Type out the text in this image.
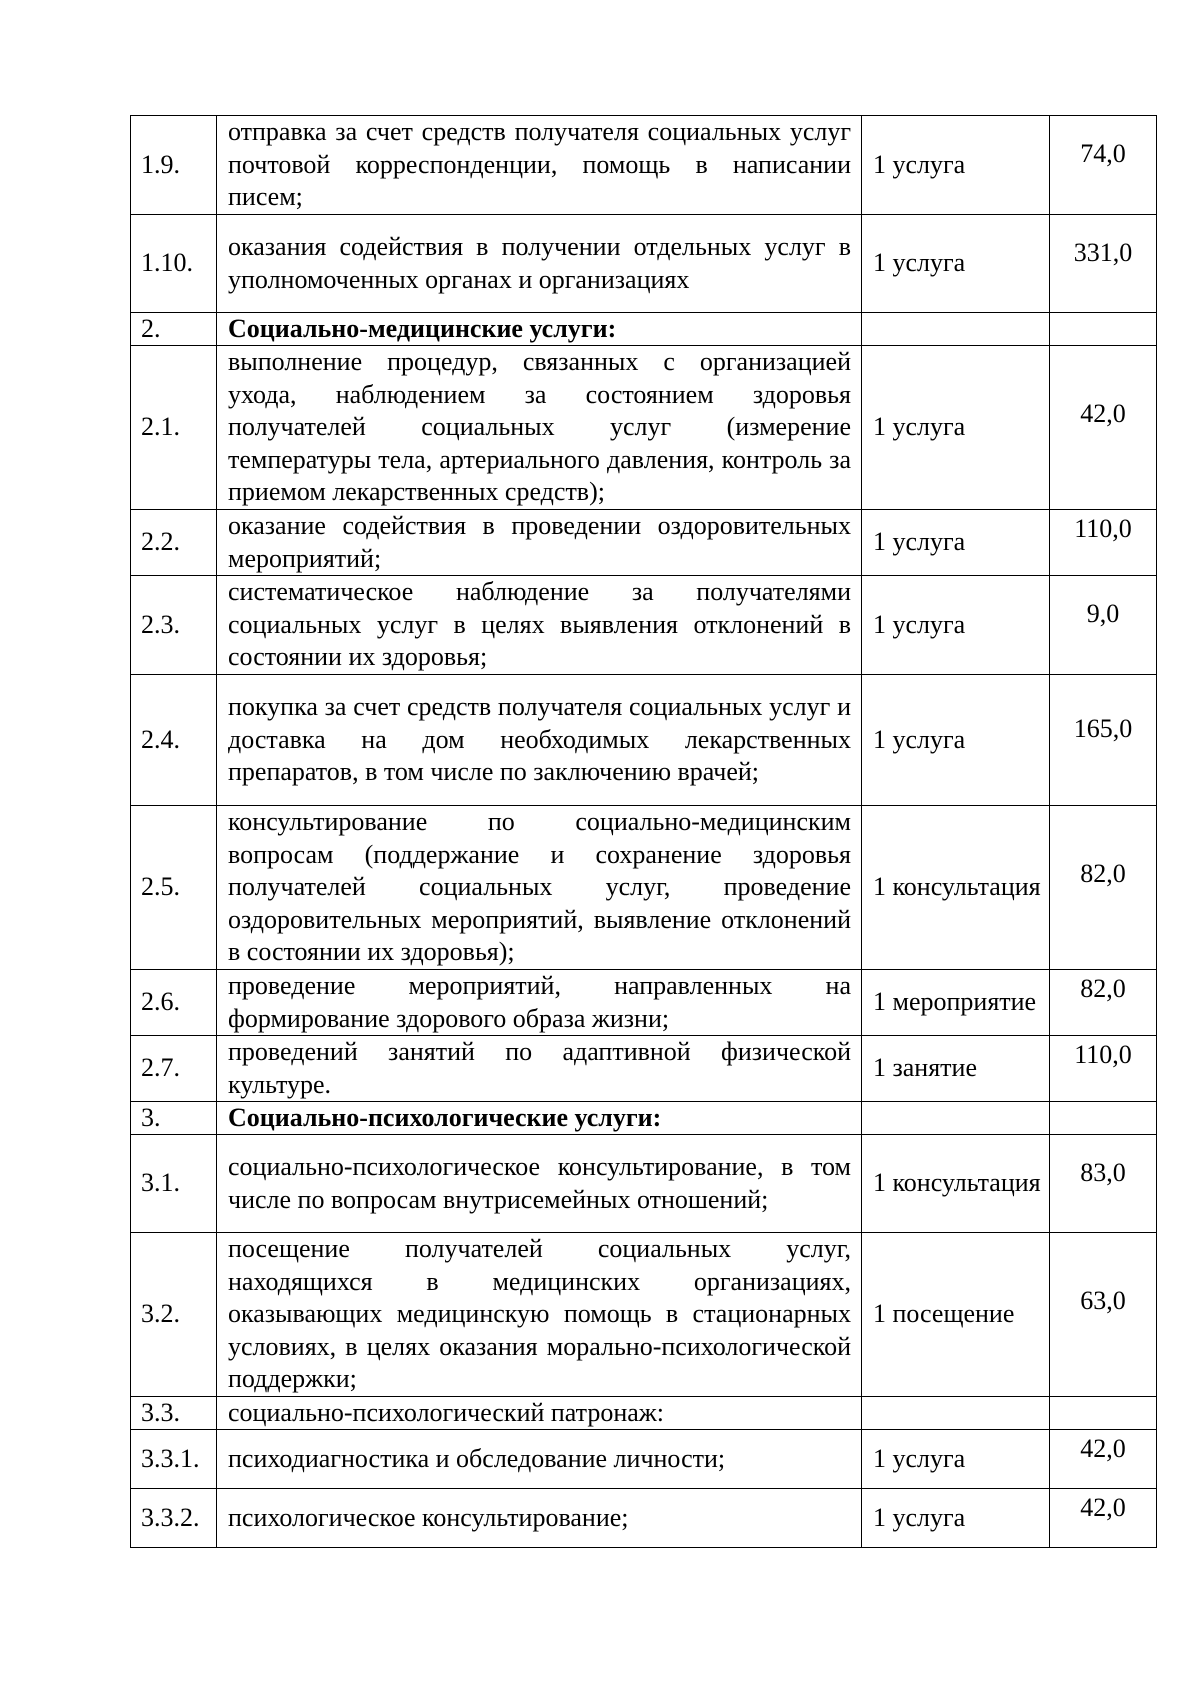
1.9.	отправка за счет средств получателя социальных услуг почтовой корреспонденции, помощь в написании писем;	1 услуга	74,0
1.10.	оказания содействия в получении отдельных услуг в уполномоченных органах и организациях	1 услуга	331,0
2.	Социально-медицинские услуги:		
2.1.	выполнение процедур, связанных с организацией ухода, наблюдением за состоянием здоровья получателей социальных услуг (измерение температуры тела, артериального давления, контроль за приемом лекарственных средств);	1 услуга	42,0
2.2.	оказание содействия в проведении оздоровительных мероприятий;	1 услуга	110,0
2.3.	систематическое наблюдение за получателями социальных услуг в целях выявления отклонений в состоянии их здоровья;	1 услуга	9,0
2.4.	покупка за счет средств получателя социальных услуг и доставка на дом необходимых лекарственных препаратов, в том числе по заключению врачей;	1 услуга	165,0
2.5.	консультирование по социально-медицинским вопросам (поддержание и сохранение здоровья получателей социальных услуг, проведение оздоровительных мероприятий, выявление отклонений в состоянии их здоровья);	1 консультация	82,0
2.6.	проведение мероприятий, направленных на формирование здорового образа жизни;	1 мероприятие	82,0
2.7.	проведений занятий по адаптивной физической культуре.	1 занятие	110,0
3.	Социально-психологические услуги:		
3.1.	социально-психологическое консультирование, в том числе по вопросам внутрисемейных отношений;	1 консультация	83,0
3.2.	посещение получателей социальных услуг, находящихся в медицинских организациях, оказывающих медицинскую помощь в стационарных условиях, в целях оказания морально-психологической поддержки;	1 посещение	63,0
3.3.	социально-психологический патронаж:		
3.3.1.	психодиагностика и обследование личности;	1 услуга	42,0
3.3.2.	психологическое консультирование;	1 услуга	42,0
